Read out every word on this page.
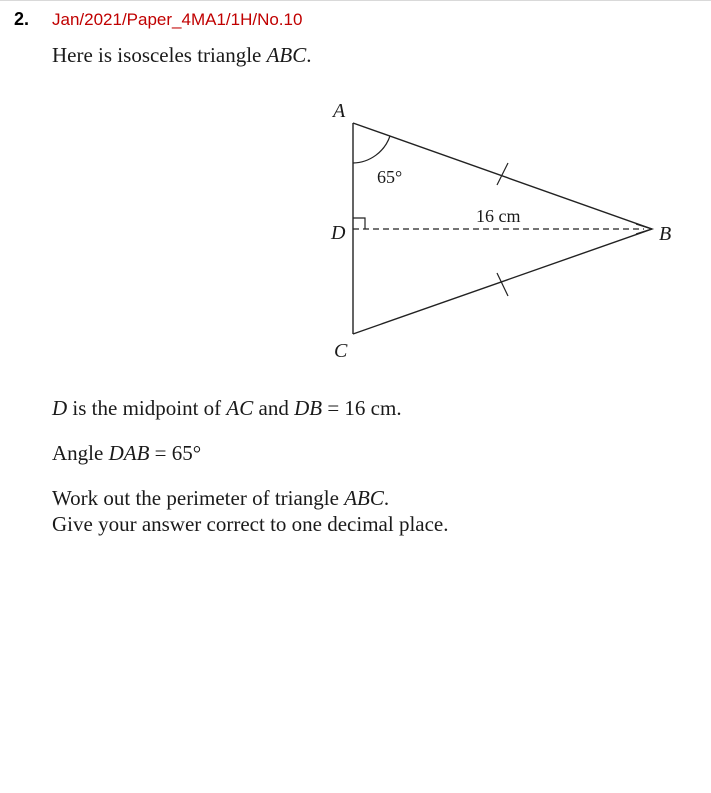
2. Jan/2021/Paper_4MA1/1H/No.10
Here is isosceles triangle ABC.
A
D
C
B
65°
16 cm
D is the midpoint of AC and DB = 16 cm.
Angle DAB = 65°
Work out the perimeter of triangle ABC.
Give your answer correct to one decimal place.
